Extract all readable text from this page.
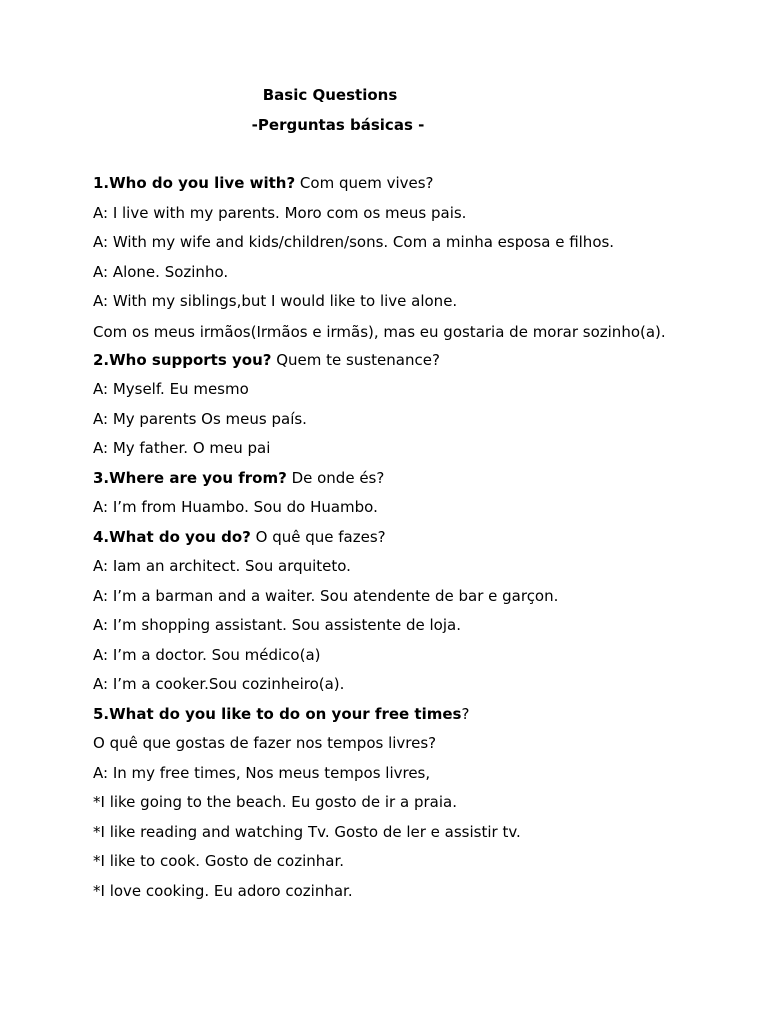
Basic Questions
-Perguntas básicas -
1.Who do you live with? Com quem vives?
A: I live with my parents. Moro com os meus pais.
A: With my wife and kids/children/sons. Com a minha esposa e filhos.
A: Alone. Sozinho.
A: With my siblings,but I would like to live alone.
Com os meus irmãos(Irmãos e irmãs), mas eu gostaria de morar sozinho(a).
2.Who supports you? Quem te sustenance?
A: Myself. Eu mesmo
A: My parents Os meus país.
A: My father. O meu pai
3.Where are you from? De onde és?
A: I’m from Huambo. Sou do Huambo.
4.What do you do? O quê que fazes?
A: Iam an architect. Sou arquiteto.
A: I’m a barman and a waiter. Sou atendente de bar e garçon.
A: I’m shopping assistant. Sou assistente de loja.
A: I’m a doctor. Sou médico(a)
A: I’m a cooker.Sou cozinheiro(a).
5.What do you like to do on your free times?
O quê que gostas de fazer nos tempos livres?
A: In my free times, Nos meus tempos livres,
*I like going to the beach. Eu gosto de ir a praia.
*I like reading and watching Tv. Gosto de ler e assistir tv.
*I like to cook. Gosto de cozinhar.
*I love cooking. Eu adoro cozinhar.
